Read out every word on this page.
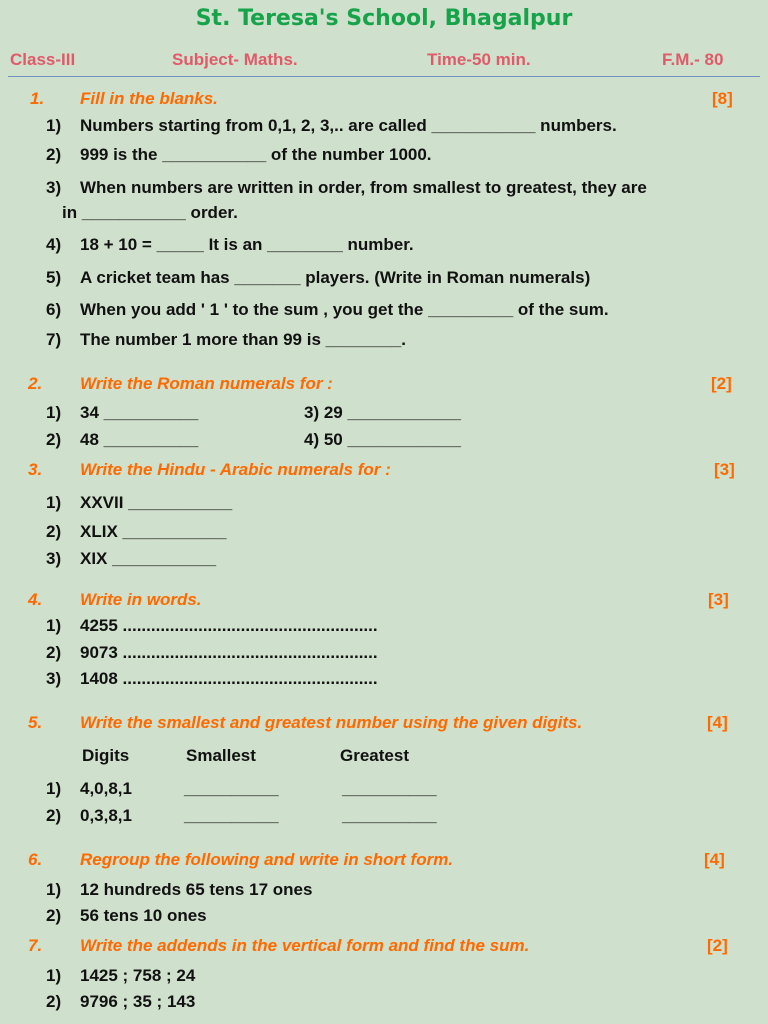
St. Teresa's School, Bhagalpur
Class-III	Subject- Maths.	Time-50 min.	F.M.- 80
1. Fill in the blanks.	[8]
1) Numbers starting from 0,1, 2, 3,.. are called ___________ numbers.
2) 999 is the ___________ of the number 1000.
3) When numbers are written in order, from smallest to greatest, they are
in ___________ order.
4) 18 + 10 = _____ It is an ________ number.
5) A cricket team has _______ players. (Write in Roman numerals)
6) When you add ' 1 ' to the sum , you get the _________ of the sum.
7) The number 1 more than 99 is ________.
2. Write the Roman numerals for :	[2]
1) 34 __________	3) 29 ____________
2) 48 __________	4) 50 ____________
3. Write the Hindu - Arabic numerals for :	[3]
1) XXVII ___________
2) XLIX ___________
3) XIX ___________
4. Write in words.	[3]
1) 4255 ......................................................
2) 9073 ......................................................
3) 1408 ......................................................
5. Write the smallest and greatest number using the given digits.	[4]
Digits	Smallest	Greatest
1) 4,0,8,1	__________	__________
2) 0,3,8,1	__________	__________
6. Regroup the following and write in short form.	[4]
1) 12 hundreds 65 tens 17 ones
2) 56 tens 10 ones
7. Write the addends in the vertical form and find the sum.	[2]
1) 1425 ; 758 ; 24
2) 9796 ; 35 ; 143
